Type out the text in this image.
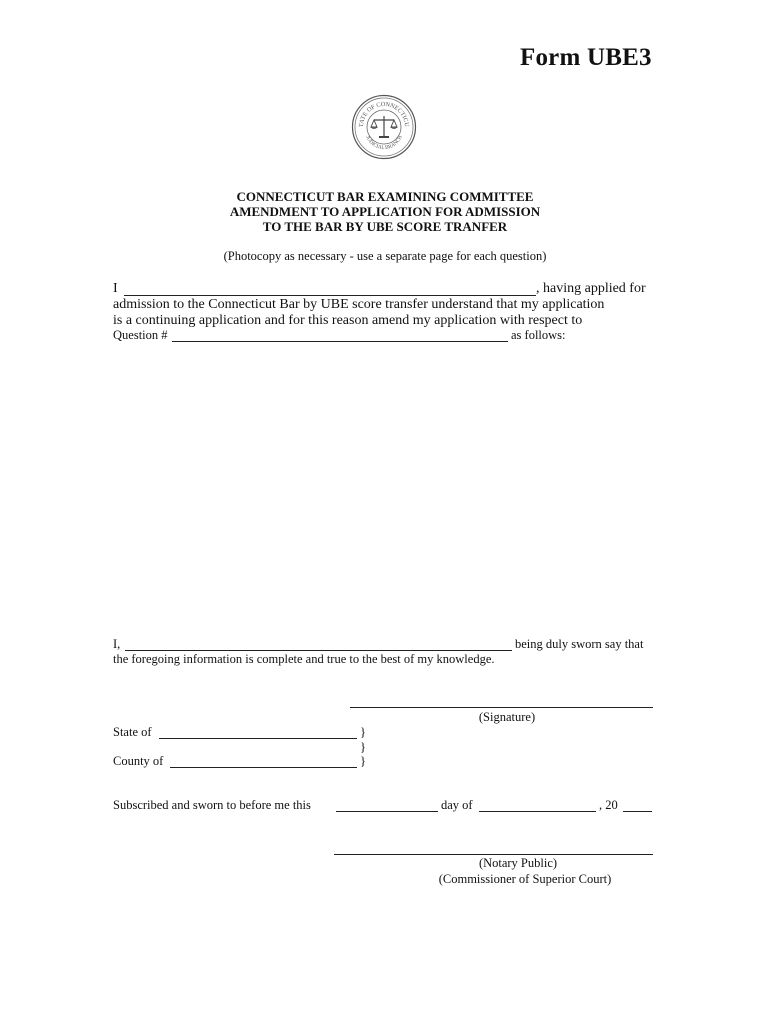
Form UBE3
TATE OF CONNECTICU
JUDICIAL BRANCH
CONNECTICUT BAR EXAMINING COMMITTEE
AMENDMENT TO APPLICATION FOR ADMISSION
TO THE BAR BY UBE SCORE TRANFER
(Photocopy as necessary - use a separate page for each question)
I	, having applied for
admission to the Connecticut Bar by UBE score transfer understand that my application
is a continuing application and for this reason amend my application with respect to
Question #	as follows:
I,	being duly sworn say that
the foregoing information is complete and true to the best of my knowledge.
(Signature)
State of	}
}
County of	}
Subscribed and sworn to before me this	day of	, 20
(Notary Public)
(Commissioner of Superior Court)
